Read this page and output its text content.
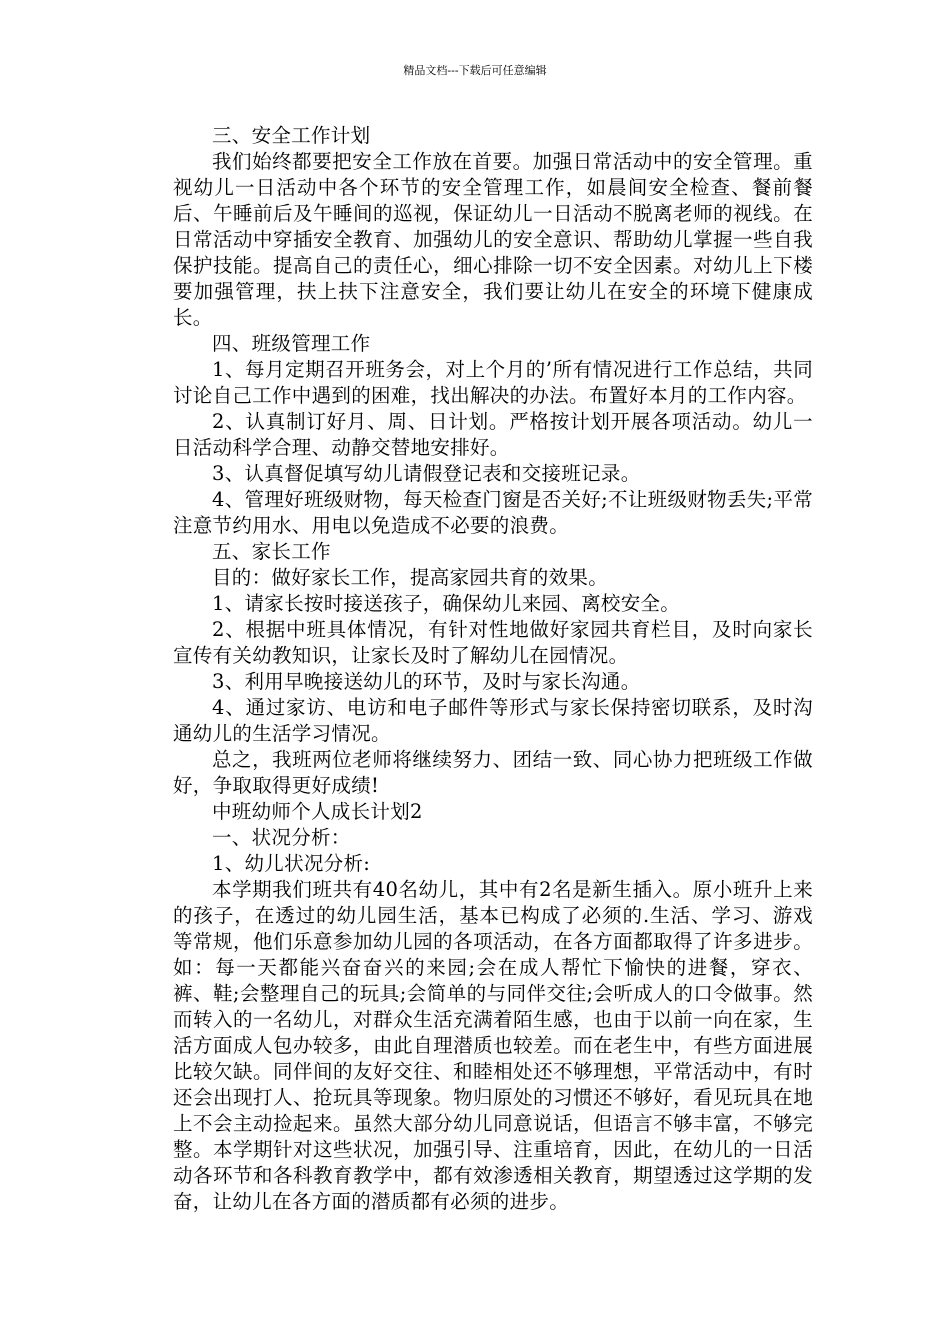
精品文档---下载后可任意编辑

三、安全工作计划

我们始终都要把安全工作放在首要。加强日常活动中的安全管理。重视幼儿一日活动中各个环节的安全管理工作，如晨间安全检查、餐前餐后、午睡前后及午睡间的巡视，保证幼儿一日活动不脱离老师的视线。在日常活动中穿插安全教育、加强幼儿的安全意识、帮助幼儿掌握一些自我保护技能。提高自己的责任心，细心排除一切不安全因素。对幼儿上下楼要加强管理，扶上扶下注意安全，我们要让幼儿在安全的环境下健康成长。

四、班级管理工作

1、每月定期召开班务会，对上个月的’所有情况进行工作总结，共同讨论自己工作中遇到的困难，找出解决的办法。布置好本月的工作内容。

2、认真制订好月、周、日计划。严格按计划开展各项活动。幼儿一日活动科学合理、动静交替地安排好。

3、认真督促填写幼儿请假登记表和交接班记录。

4、管理好班级财物，每天检查门窗是否关好;不让班级财物丢失;平常注意节约用水、用电以免造成不必要的浪费。

五、家长工作

目的：做好家长工作，提高家园共育的效果。

1、请家长按时接送孩子，确保幼儿来园、离校安全。

2、根据中班具体情况，有针对性地做好家园共育栏目，及时向家长宣传有关幼教知识，让家长及时了解幼儿在园情况。

3、利用早晚接送幼儿的环节，及时与家长沟通。

4、通过家访、电访和电子邮件等形式与家长保持密切联系，及时沟通幼儿的生活学习情况。

总之，我班两位老师将继续努力、团结一致、同心协力把班级工作做好，争取取得更好成绩!

中班幼师个人成长计划2

一、状况分析：

1、幼儿状况分析:

本学期我们班共有40名幼儿，其中有2名是新生插入。原小班升上来的孩子，在透过的幼儿园生活，基本已构成了必须的.生活、学习、游戏等常规，他们乐意参加幼儿园的各项活动，在各方面都取得了许多进步。如：每一天都能兴奋奋兴的来园;会在成人帮忙下愉快的进餐，穿衣、裤、鞋;会整理自己的玩具;会简单的与同伴交往;会听成人的口令做事。然而转入的一名幼儿，对群众生活充满着陌生感，也由于以前一向在家，生活方面成人包办较多，由此自理潜质也较差。而在老生中，有些方面进展比较欠缺。同伴间的友好交往、和睦相处还不够理想，平常活动中，有时还会出现打人、抢玩具等现象。物归原处的习惯还不够好，看见玩具在地上不会主动捡起来。虽然大部分幼儿同意说话，但语言不够丰富，不够完整。本学期针对这些状况，加强引导、注重培育，因此，在幼儿的一日活动各环节和各科教育教学中，都有效渗透相关教育，期望透过这学期的发奋，让幼儿在各方面的潜质都有必须的进步。
